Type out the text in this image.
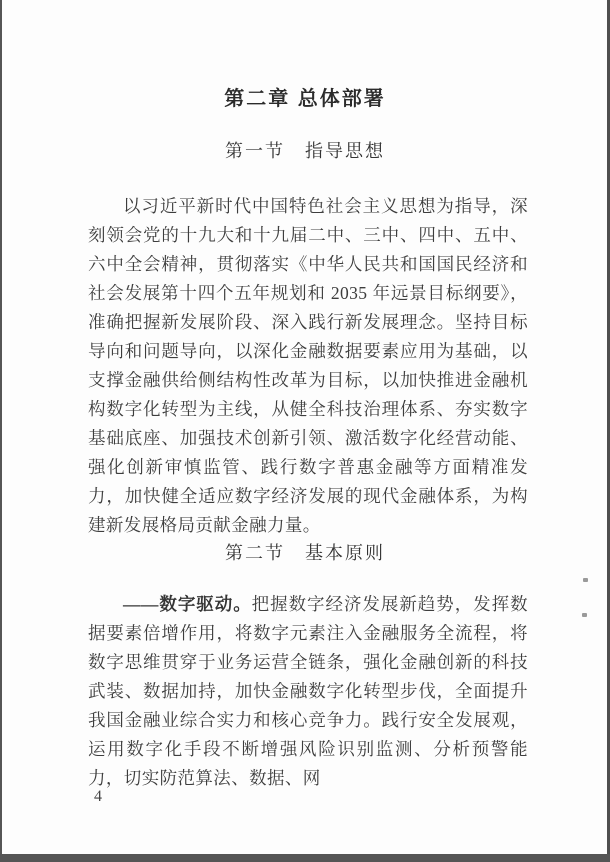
第二章 总体部署
第一节　指导思想

以习近平新时代中国特色社会主义思想为指导，深刻领会党的十九大和十九届二中、三中、四中、五中、六中全会精神，贯彻落实《中华人民共和国国民经济和社会发展第十四个五年规划和 2035 年远景目标纲要》，准确把握新发展阶段、深入践行新发展理念。坚持目标导向和问题导向，以深化金融数据要素应用为基础，以支撑金融供给侧结构性改革为目标，以加快推进金融机构数字化转型为主线，从健全科技治理体系、夯实数字基础底座、加强技术创新引领、激活数字化经营动能、强化创新审慎监管、践行数字普惠金融等方面精准发力，加快健全适应数字经济发展的现代金融体系，为构建新发展格局贡献金融力量。

第二节　基本原则

——数字驱动。把握数字经济发展新趋势，发挥数据要素倍增作用，将数字元素注入金融服务全流程，将数字思维贯穿于业务运营全链条，强化金融创新的科技武装、数据加持，加快金融数字化转型步伐，全面提升我国金融业综合实力和核心竞争力。践行安全发展观，运用数字化手段不断增强风险识别监测、分析预警能力，切实防范算法、数据、网

4
